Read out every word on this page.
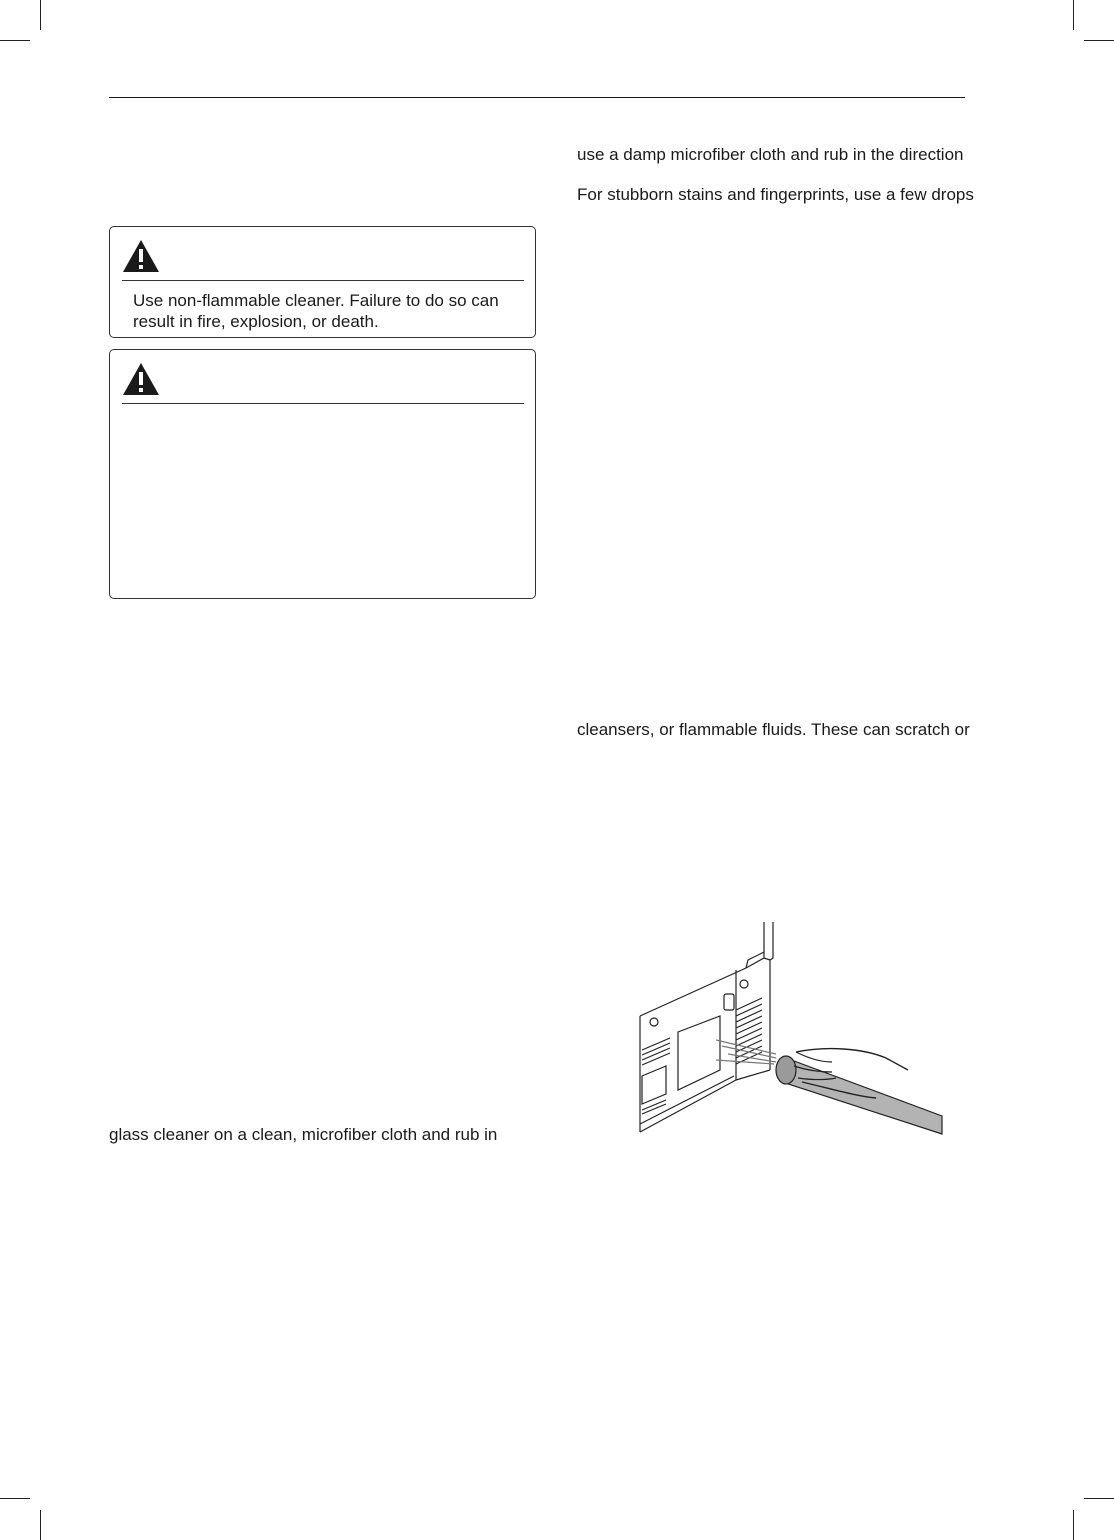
Use non-flammable cleaner. Failure to do so can result in fire, explosion, or death.
glass cleaner on a clean, microfiber cloth and rub in
use a damp microfiber cloth and rub in the direction
For stubborn stains and fingerprints, use a few drops
cleansers, or flammable fluids. These can scratch or
